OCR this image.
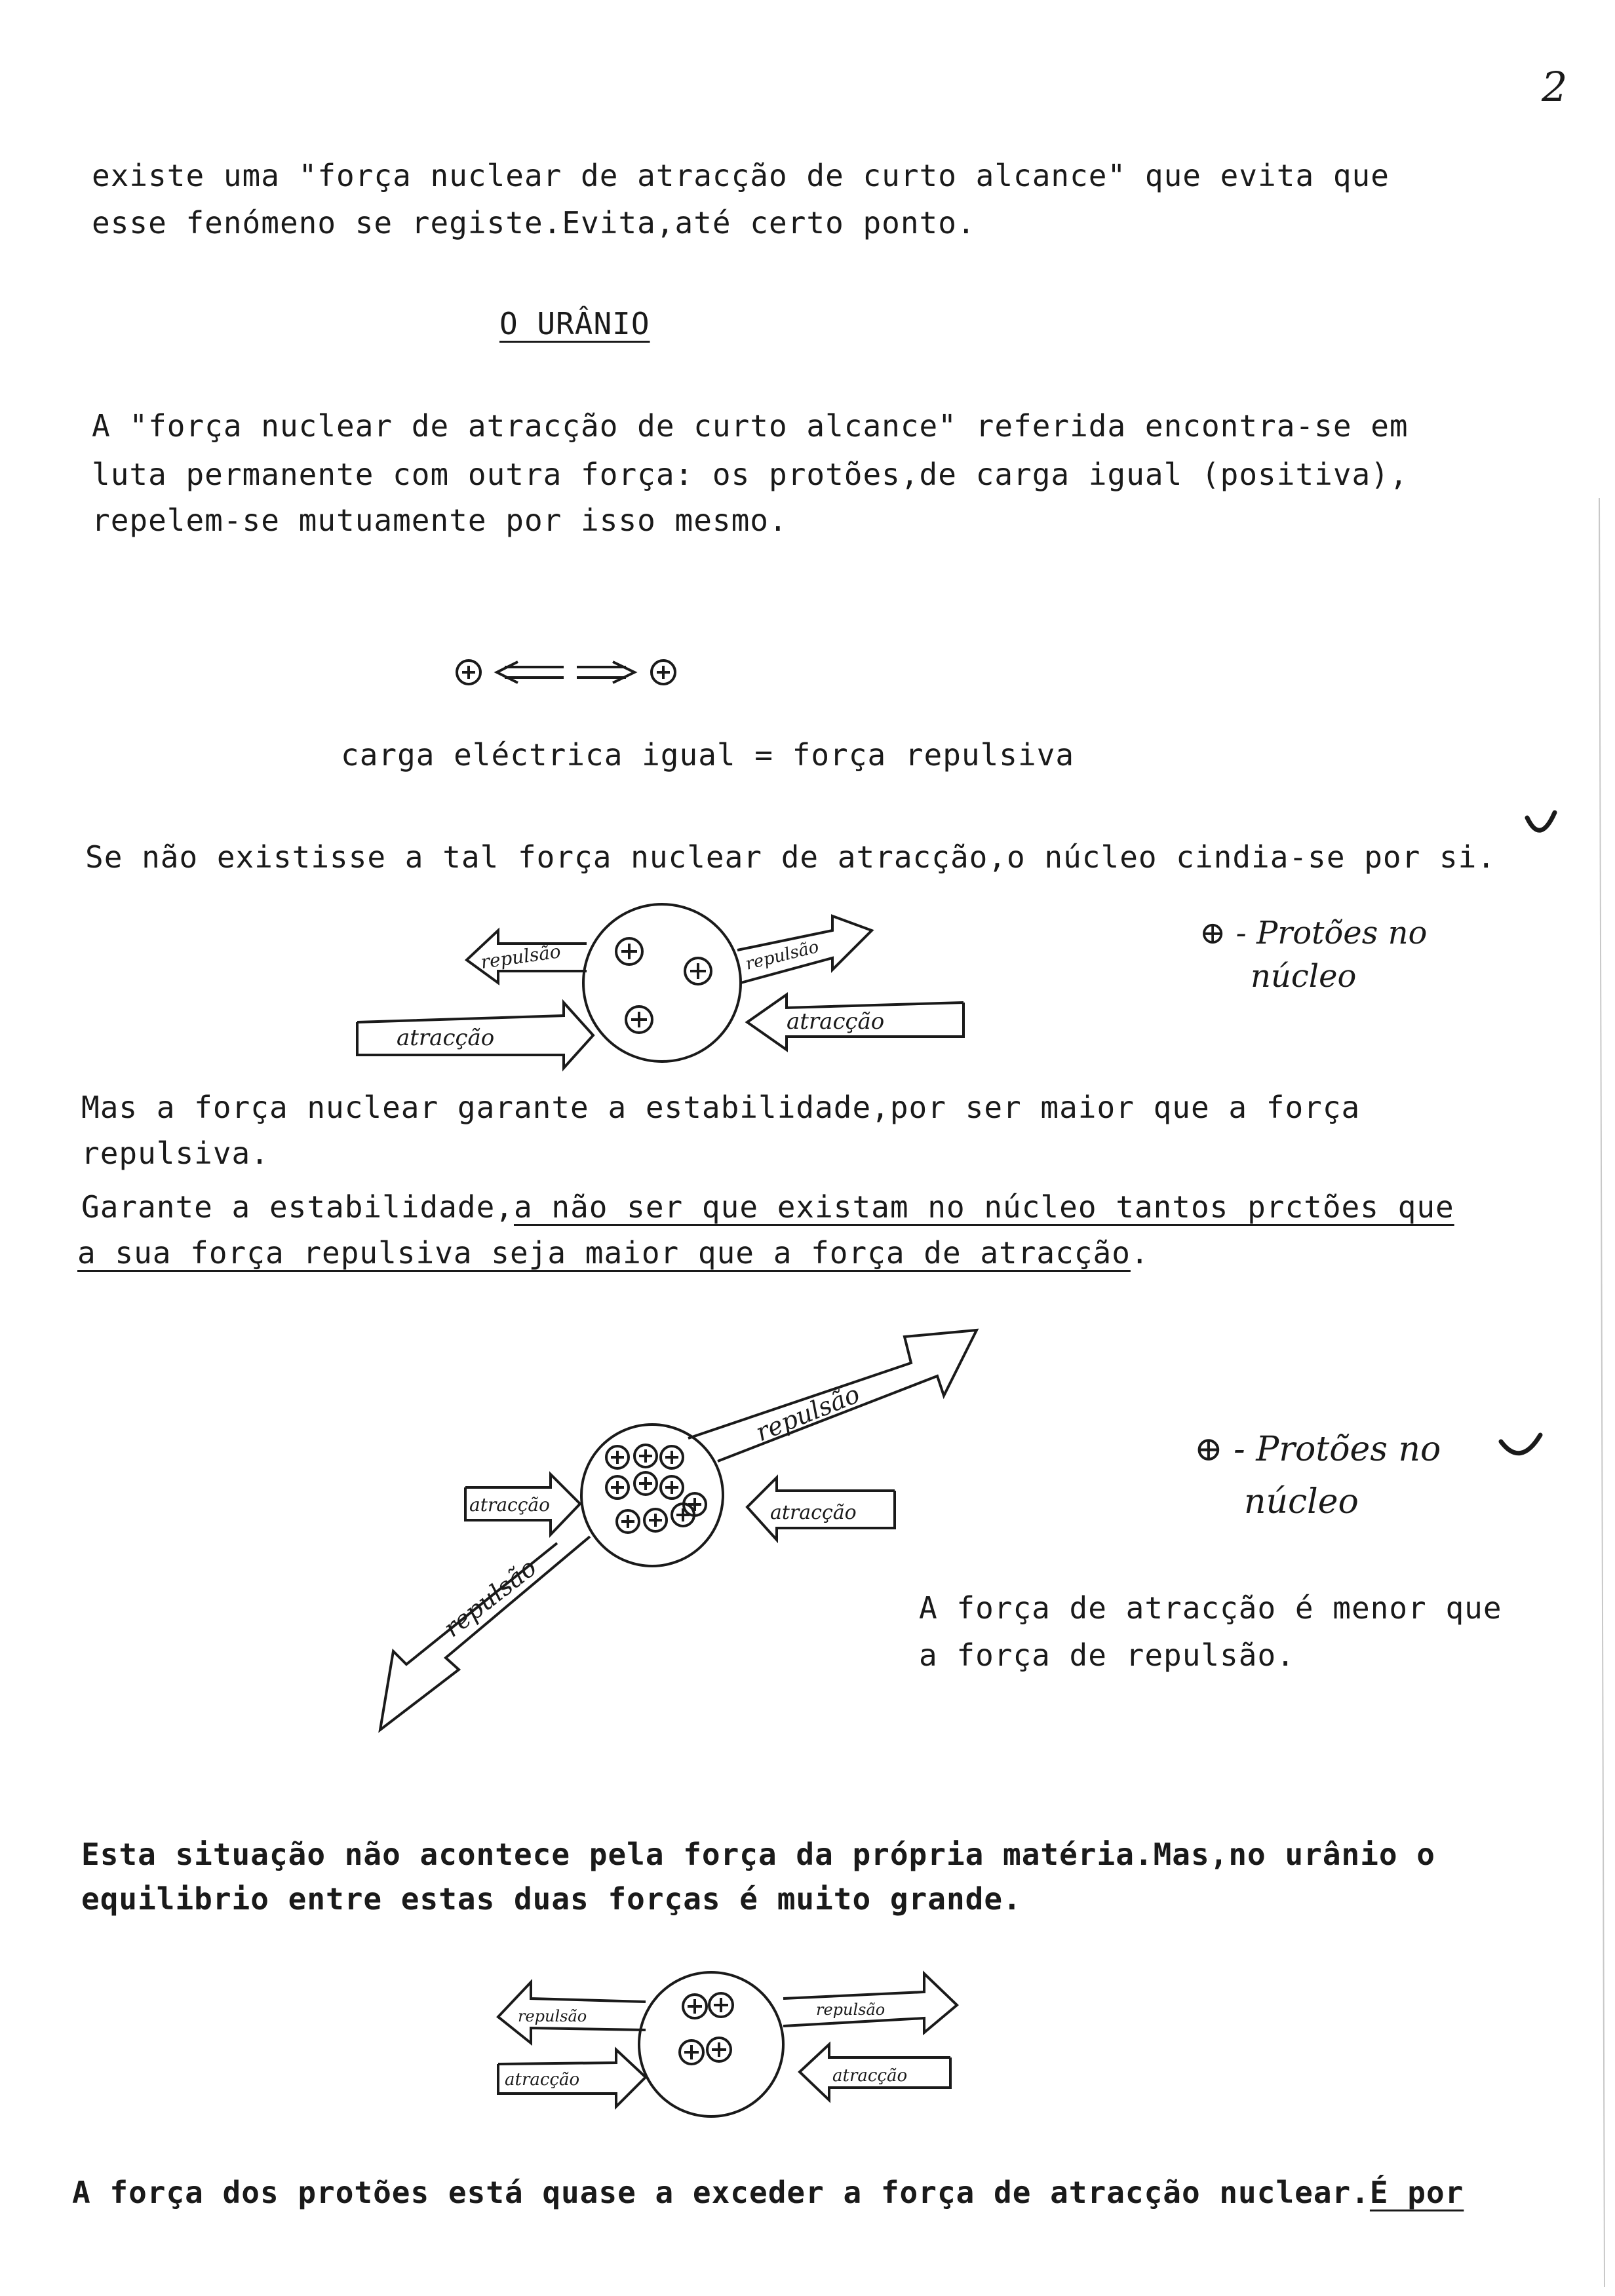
2
existe uma "força nuclear de atracção de curto alcance" que evita que
esse fenómeno se registe.Evita,até certo ponto.
O URÂNIO
A "força nuclear de atracção de curto alcance" referida encontra-se em
luta permanente com outra força: os protões,de carga igual (positiva),
repelem-se mutuamente por isso mesmo.
carga eléctrica igual = força repulsiva
Se não existisse a tal força nuclear de atracção,o núcleo cindia-se por si.
repulsão	repulsão
atracção
atracção
⊕ - Protões no
núcleo
Mas a força nuclear garante a estabilidade,por ser maior que a força
repulsiva.
Garante a estabilidade,a não ser que existam no núcleo tantos prctões que
a sua força repulsiva seja maior que a força de atracção.
repulsão
repulsão
atracção	atracção
⊕ - Protões no
núcleo
A força de atracção é menor que
a força de repulsão.
Esta situação não acontece pela força da própria matéria.Mas,no urânio o
equilibrio entre estas duas forças é muito grande.
repulsão	repulsão
atracção	atracção
A força dos protões está quase a exceder a força de atracção nuclear.É por
